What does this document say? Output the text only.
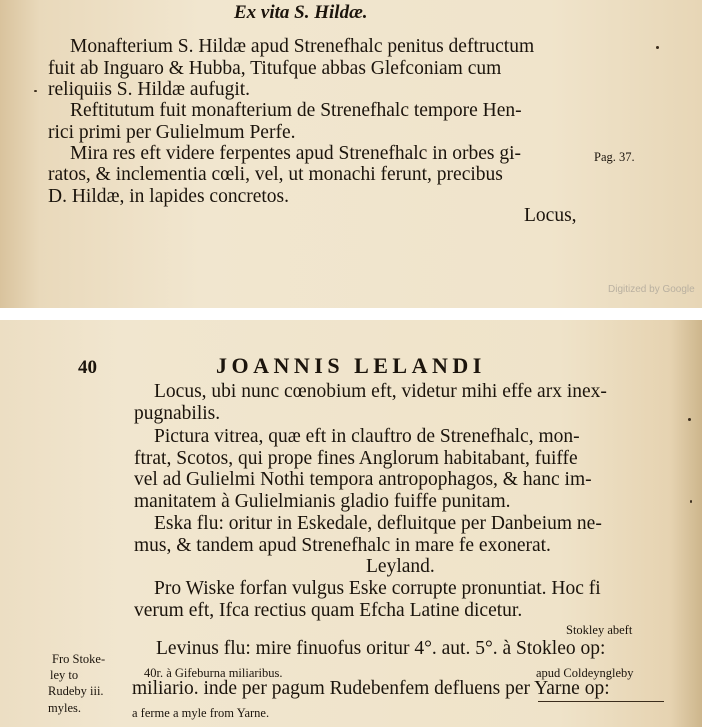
Ex vita S. Hildæ.
Monafterium S. Hildæ apud Strenefhalc penitus deftructum
fuit ab Inguaro & Hubba, Titufque abbas Glefconiam cum
reliquiis S. Hildæ aufugit.
Reftitutum fuit monafterium de Strenefhalc tempore Hen-
rici primi per Gulielmum Perfe.
Mira res eft videre ferpentes apud Strenefhalc in orbes gi-
ratos, & inclementia cœli, vel, ut monachi ferunt, precibus
D. Hildæ, in lapides concretos.
Pag. 37.
Locus,
Digitized by Google
40	JOANNIS LELANDI
Locus, ubi nunc cœnobium eft, videtur mihi effe arx inex-
pugnabilis.
Pictura vitrea, quæ eft in clauftro de Strenefhalc, mon-
ftrat, Scotos, qui prope fines Anglorum habitabant, fuiffe
vel ad Gulielmi Nothi tempora antropophagos, & hanc im-
manitatem à Gulielmianis gladio fuiffe punitam.
Eska flu: oritur in Eskedale, defluitque per Danbeium ne-
mus, & tandem apud Strenefhalc in mare fe exonerat.
Leyland.
Pro Wiske forfan vulgus Eske corrupte pronuntiat. Hoc fi
verum eft, Ifca rectius quam Efcha Latine dicetur.
Stokley abeft
Levinus flu: mire finuofus oritur 4°. aut. 5°. à Stokleo op:
40r. à Gifeburna miliaribus.	apud Coldeyngleby
miliario. inde per pagum Rudebenfem defluens per Yarne op:
a ferme a myle from Yarne.
Fro Stoke-
ley to
Rudeby iii.
myles.
